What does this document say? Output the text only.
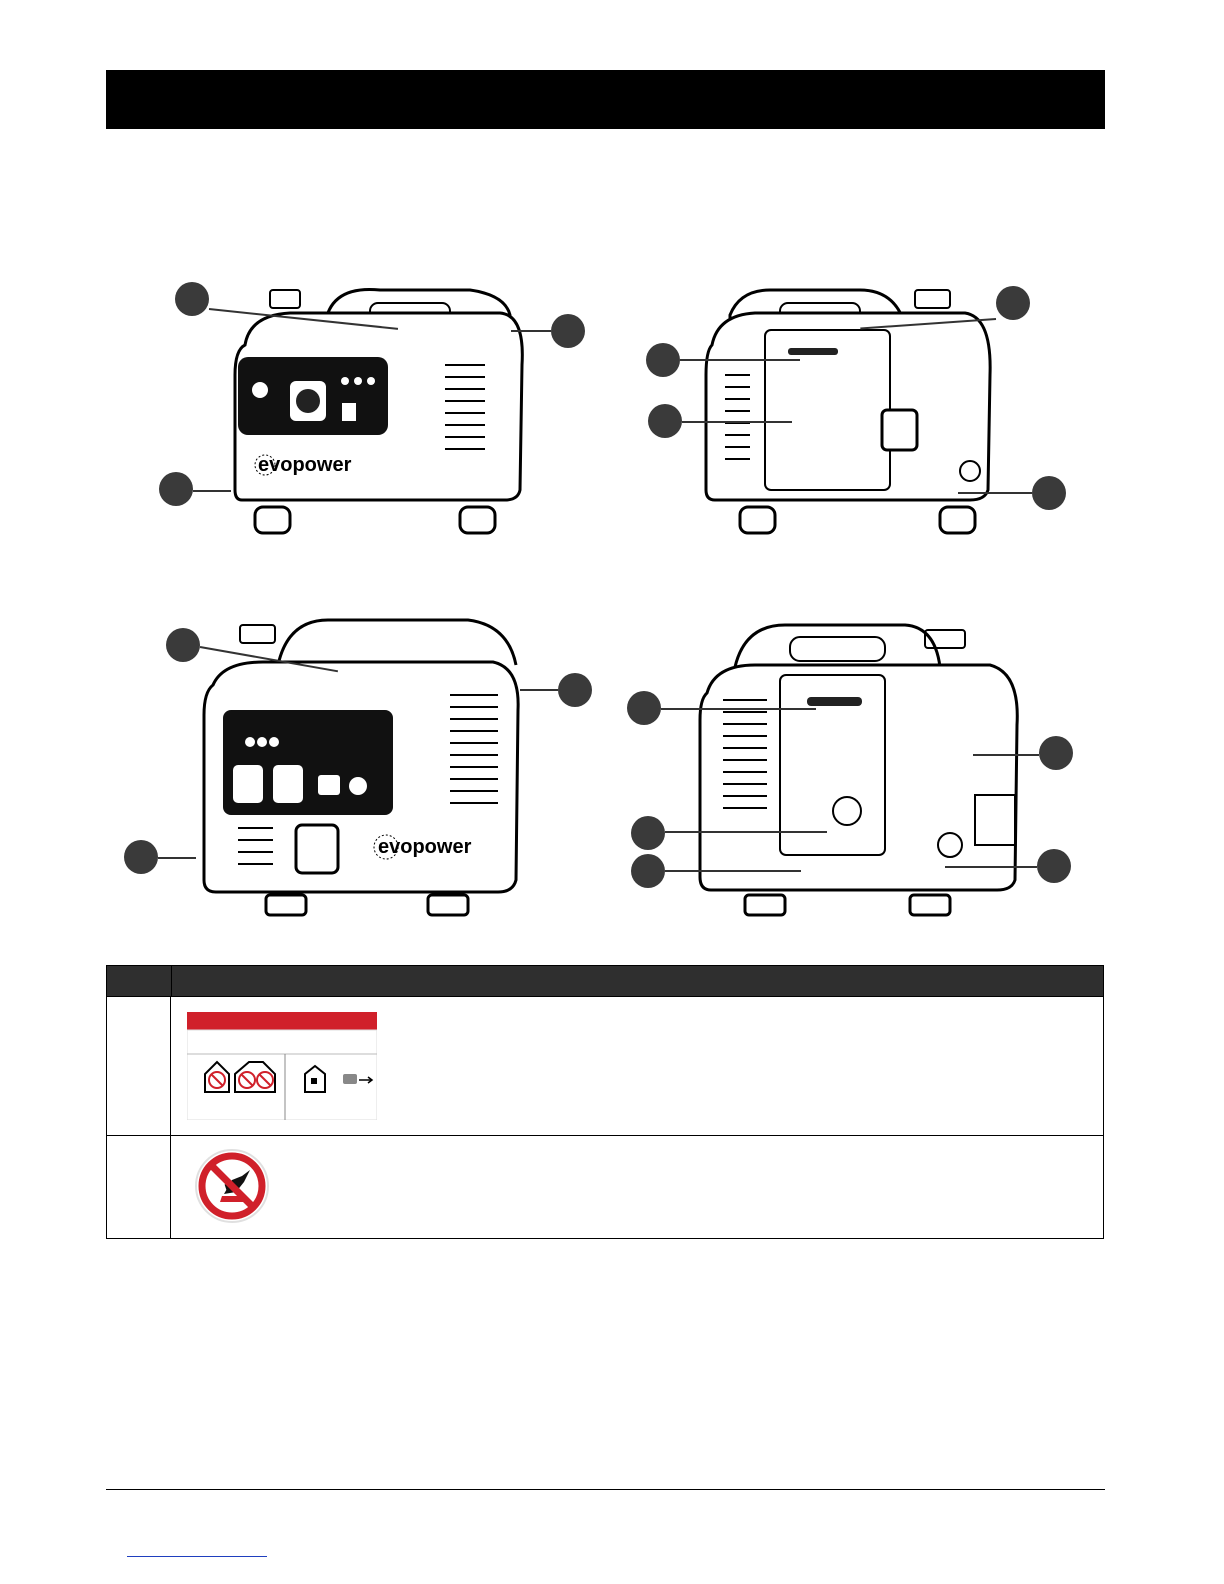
evopower
evopower
